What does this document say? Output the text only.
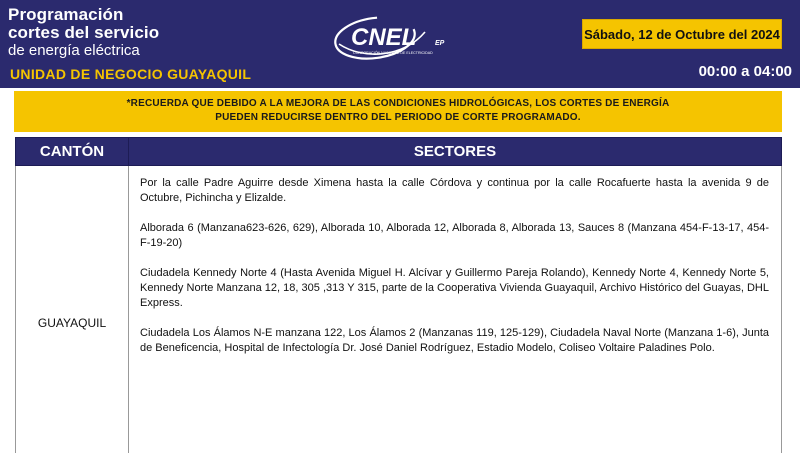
Programación
cortes del servicio
de energía eléctrica
UNIDAD DE NEGOCIO GUAYAQUIL
CNEL	EP
CORPORACIÓN NACIONAL DE ELECTRICIDAD
Sábado, 12 de Octubre del 2024
00:00 a 04:00
*RECUERDA QUE DEBIDO A LA MEJORA DE LAS CONDICIONES HIDROLÓGICAS, LOS CORTES DE ENERGÍA
PUEDEN REDUCIRSE DENTRO DEL PERIODO DE CORTE PROGRAMADO.
CANTÓN	SECTORES
GUAYAQUIL	Por la calle Padre Aguirre desde Ximena hasta la calle Córdova y continua por la calle Rocafuerte hasta la avenida 9 de Octubre, Pichincha y Elizalde.

Alborada 6 (Manzana623-626, 629), Alborada 10, Alborada 12, Alborada 8, Alborada 13, Sauces 8 (Manzana 454-F-13-17, 454-F-19-20)

Ciudadela Kennedy Norte 4 (Hasta Avenida Miguel H. Alcívar y Guillermo Pareja Rolando), Kennedy Norte 4, Kennedy Norte 5, Kennedy Norte Manzana 12, 18, 305 ,313 Y 315, parte de la Cooperativa Vivienda Guayaquil, Archivo Histórico del Guayas, DHL Express.

Ciudadela Los Álamos N-E manzana 122, Los Álamos 2 (Manzanas 119, 125-129), Ciudadela Naval Norte (Manzana 1-6), Junta de Beneficencia, Hospital de Infectología Dr. José Daniel Rodríguez, Estadio Modelo, Coliseo Voltaire Paladines Polo.
